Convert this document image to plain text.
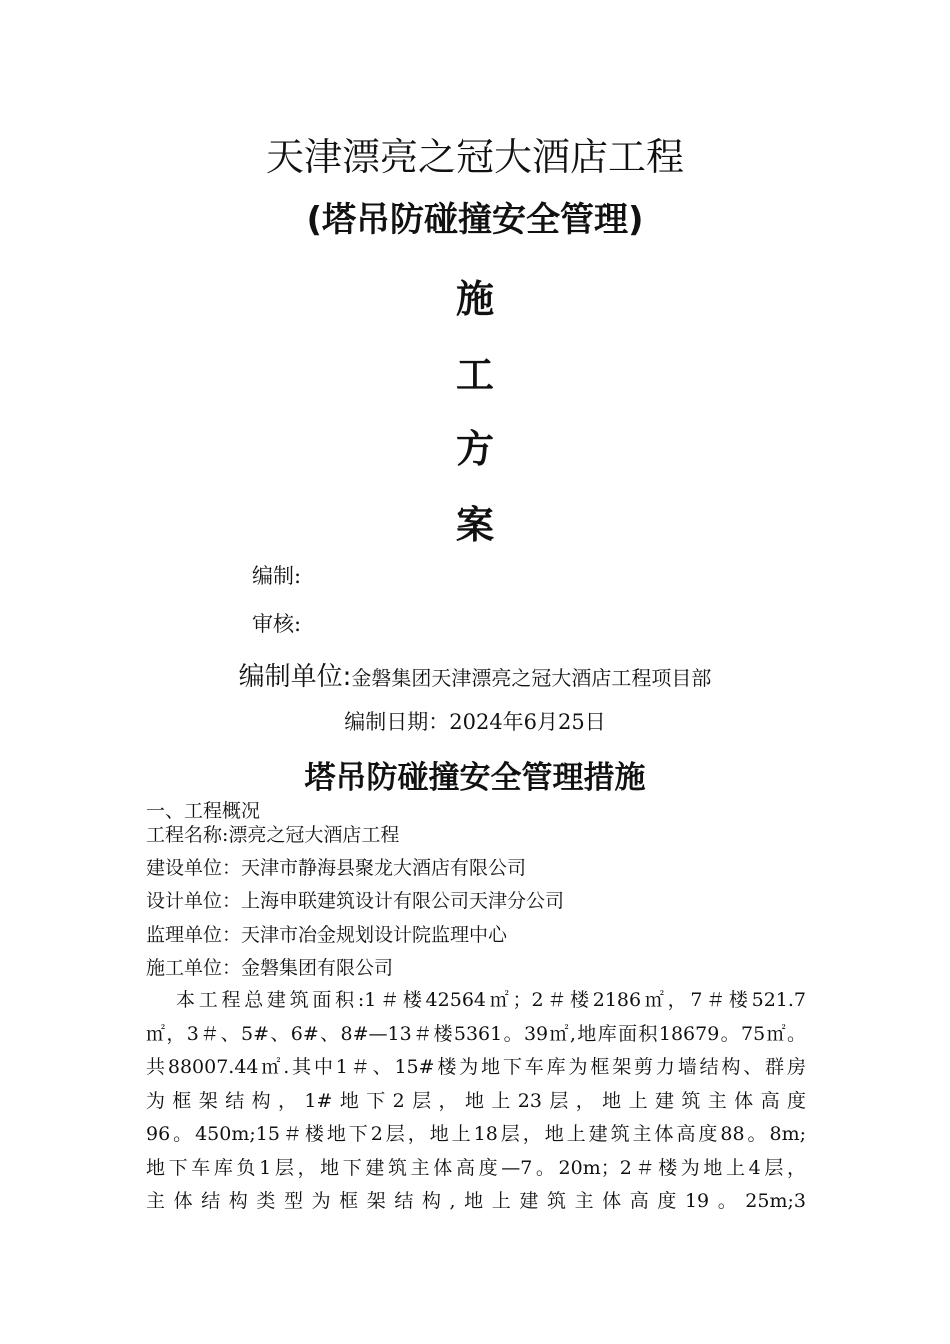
天津漂亮之冠大酒店工程
(塔吊防碰撞安全管理)
施
工
方
案
编制:
审核:
编制单位:金磐集团天津漂亮之冠大酒店工程项目部
编制日期：2024年6月25日
塔吊防碰撞安全管理措施
一、工程概况
工程名称:漂亮之冠大酒店工程
建设单位：天津市静海县聚龙大酒店有限公司
设计单位：上海申联建筑设计有限公司天津分公司
监理单位：天津市冶金规划设计院监理中心
施工单位：金磐集团有限公司
本工程总建筑面积:1＃楼42564㎡；2＃楼2186㎡，7＃楼521.7
㎡，3＃、5#、6#、8#—13＃楼5361。39㎡,地库面积18679。75㎡。
共88007.44㎡.其中1＃、15#楼为地下车库为框架剪力墙结构、群房
为框架结构，1#地下2层，地上23层，地上建筑主体高度
96。450m;15＃楼地下2层，地上18层，地上建筑主体高度88。8m;
地下车库负1层，地下建筑主体高度—7。20m；2＃楼为地上4层，
主体结构类型为框架结构,地上建筑主体高度19。25m;3
